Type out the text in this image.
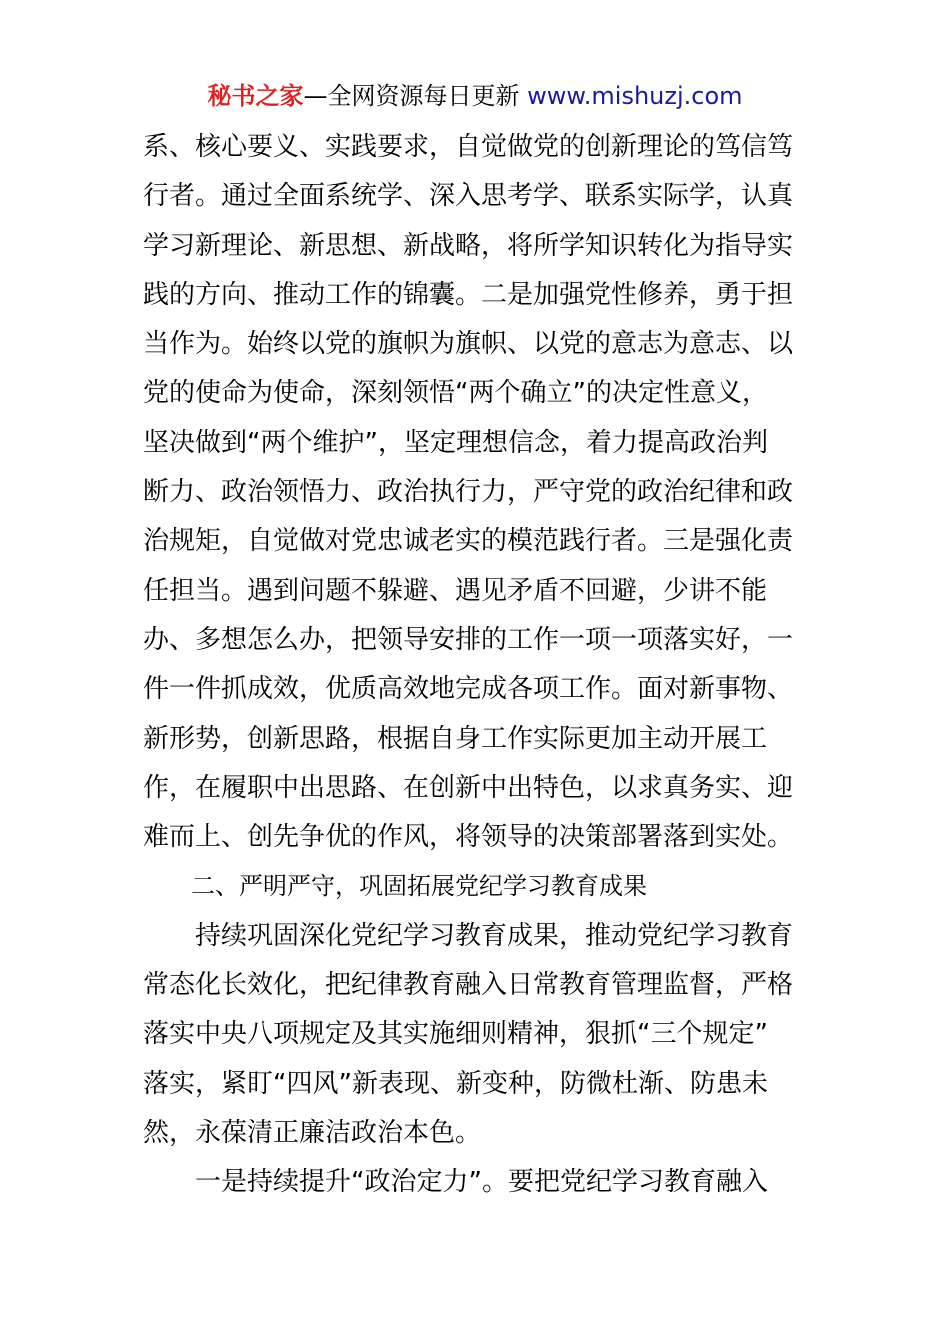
秘书之家—全网资源每日更新 www.mishuzj.com
系、核心要义、实践要求，自觉做党的创新理论的笃信笃
行者。通过全面系统学、深入思考学、联系实际学，认真
学习新理论、新思想、新战略，将所学知识转化为指导实
践的方向、推动工作的锦囊。二是加强党性修养，勇于担
当作为。始终以党的旗帜为旗帜、以党的意志为意志、以
党的使命为使命，深刻领悟“两个确立”的决定性意义，
坚决做到“两个维护”，坚定理想信念，着力提高政治判
断力、政治领悟力、政治执行力，严守党的政治纪律和政
治规矩，自觉做对党忠诚老实的模范践行者。三是强化责
任担当。遇到问题不躲避、遇见矛盾不回避，少讲不能
办、多想怎么办，把领导安排的工作一项一项落实好，一
件一件抓成效，优质高效地完成各项工作。面对新事物、
新形势，创新思路，根据自身工作实际更加主动开展工
作，在履职中出思路、在创新中出特色，以求真务实、迎
难而上、创先争优的作风，将领导的决策部署落到实处。
　　二、严明严守，巩固拓展党纪学习教育成果
　　持续巩固深化党纪学习教育成果，推动党纪学习教育
常态化长效化，把纪律教育融入日常教育管理监督，严格
落实中央八项规定及其实施细则精神，狠抓“三个规定”
落实，紧盯“四风”新表现、新变种，防微杜渐、防患未
然，永葆清正廉洁政治本色。
　　一是持续提升“政治定力”。要把党纪学习教育融入
